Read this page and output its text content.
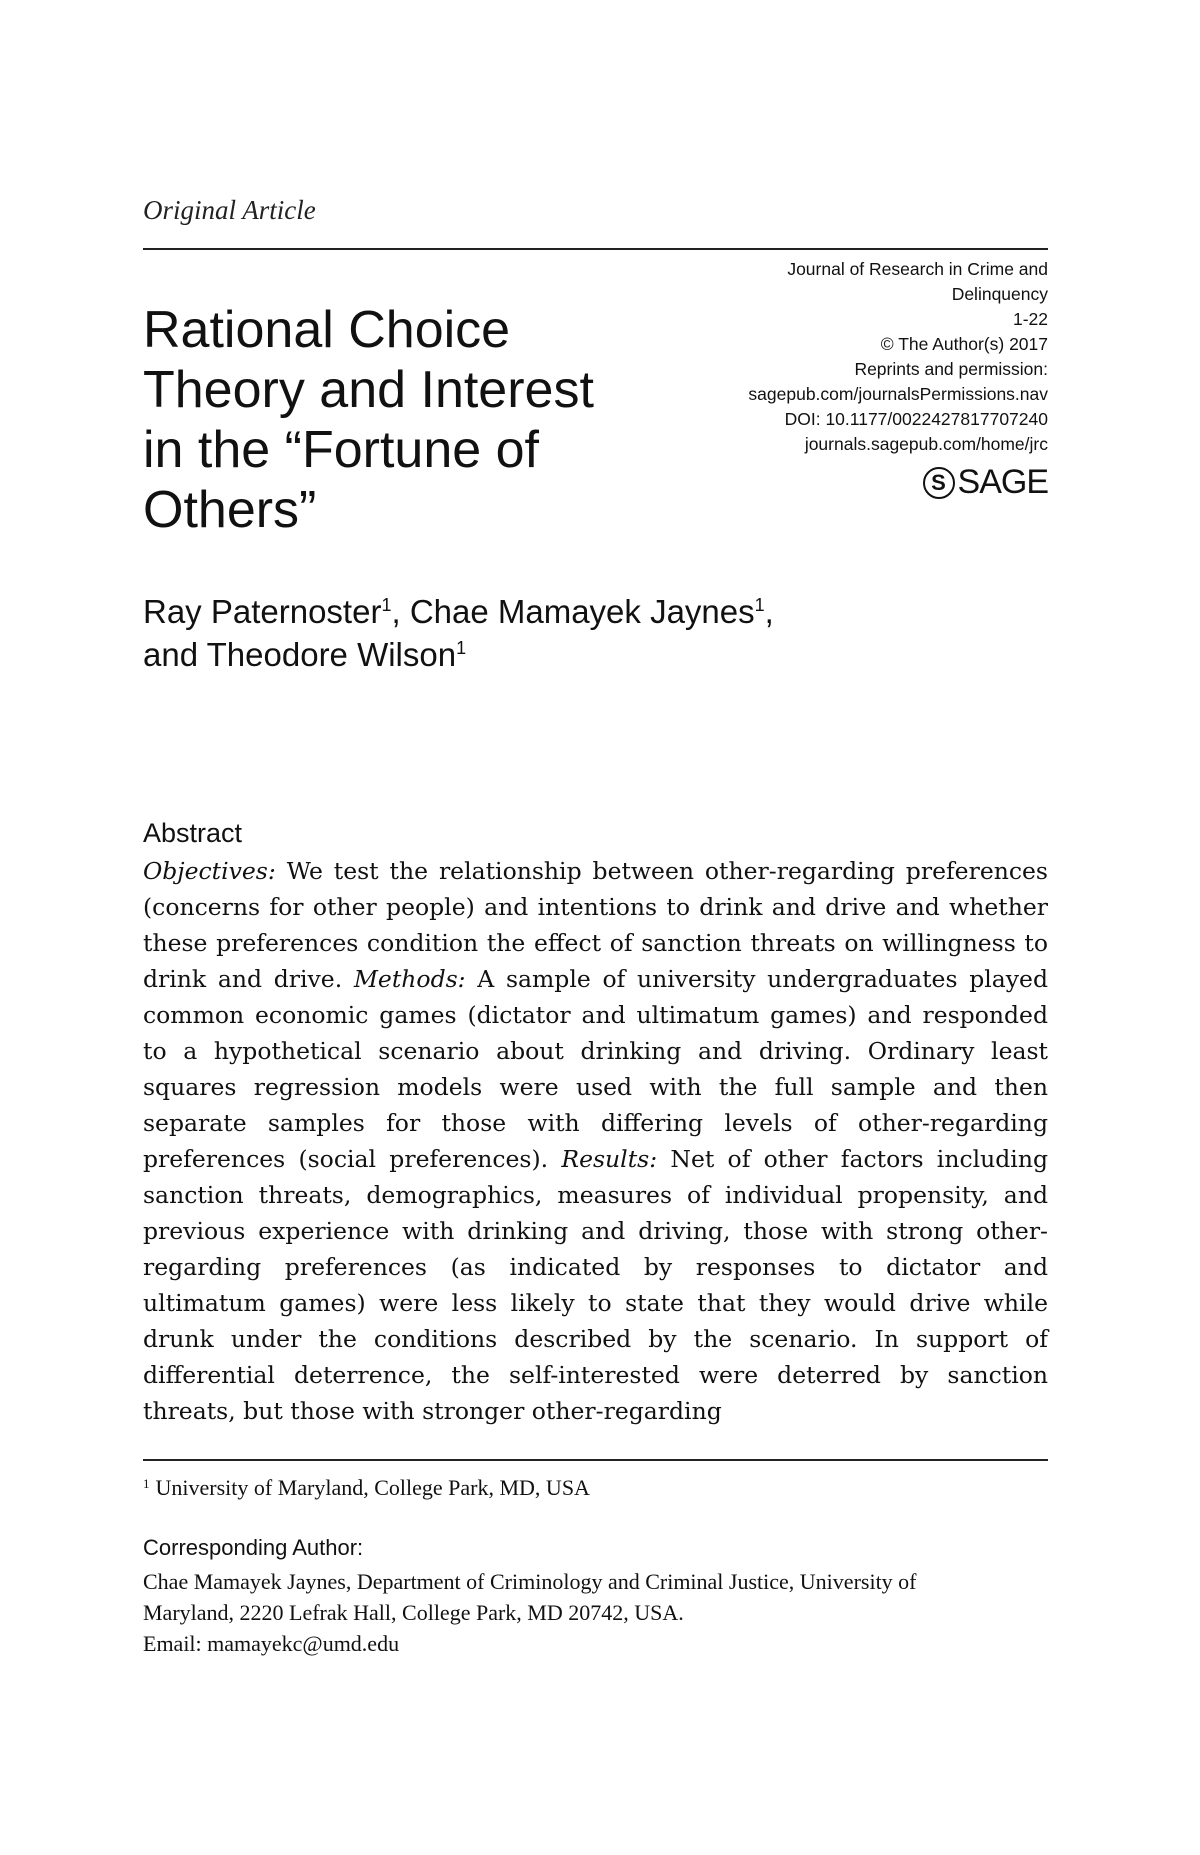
Original Article
Rational Choice
Theory and Interest
in the “Fortune of
Others”
Journal of Research in Crime and
Delinquency
1-22
© The Author(s) 2017
Reprints and permission:
sagepub.com/journalsPermissions.nav
DOI: 10.1177/0022427817707240
journals.sagepub.com/home/jrc
S SAGE
Ray Paternoster$^1$, Chae Mamayek Jaynes$^1$,
and Theodore Wilson$^1$
Abstract
Objectives: We test the relationship between other-regarding preferences (concerns for other people) and intentions to drink and drive and whether these preferences condition the effect of sanction threats on willingness to drink and drive. Methods: A sample of university undergraduates played common economic games (dictator and ultimatum games) and responded to a hypothetical scenario about drinking and driving. Ordinary least squares regression models were used with the full sample and then separate samples for those with differing levels of other-regarding preferences (social preferences). Results: Net of other factors including sanction threats, demographics, measures of individual propensity, and previous experience with drinking and driving, those with strong other-regarding preferences (as indicated by responses to dictator and ultimatum games) were less likely to state that they would drive while drunk under the conditions described by the scenario. In support of differential deterrence, the self-interested were deterred by sanction threats, but those with stronger other-regarding
$^1$ University of Maryland, College Park, MD, USA
Corresponding Author:
Chae Mamayek Jaynes, Department of Criminology and Criminal Justice, University of
Maryland, 2220 Lefrak Hall, College Park, MD 20742, USA.
Email: mamayekc@umd.edu
